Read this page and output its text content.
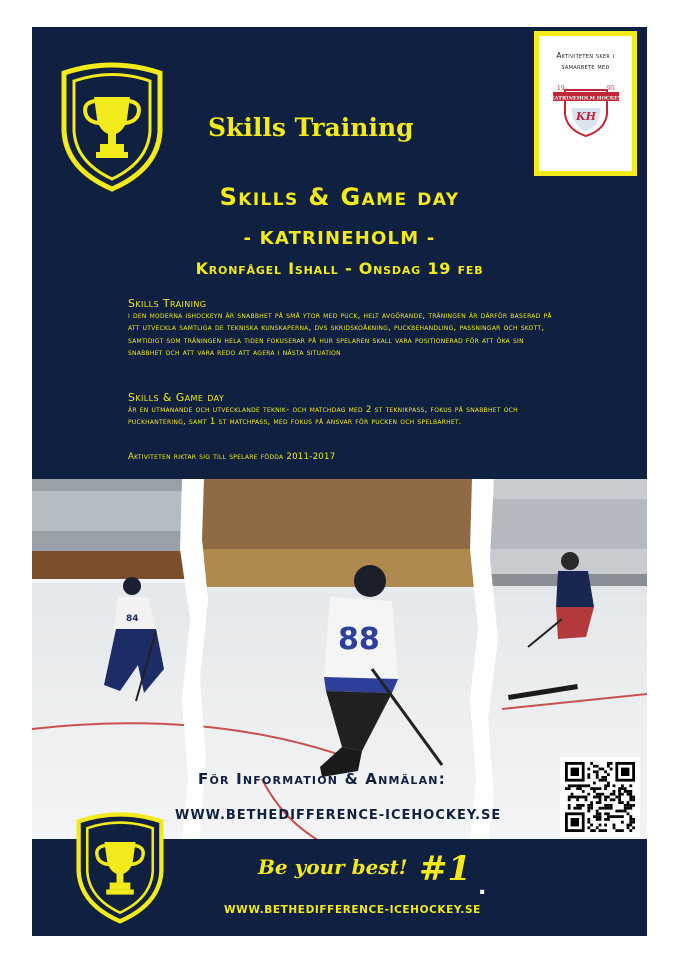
Aktiviteten sker i
samarbete med
KATRINEHOLM HOCKEY
19	95
KH
Skills Training
Skills & Game day
- KATRINEHOLM -
Kronfågel Ishall - Onsdag 19 feb
Skills Training
i den moderna ishockeyn är snabbhet på små ytor med puck, helt avgörande, träningen är därför baserad på att utveckla samtliga de tekniska kunskaperna, dvs skridskoåkning, puckbehandling, passningar och skott, samtidigt som träningen hela tiden fokuserar på hur spelaren skall vara positionerad för att öka sin snabbhet och att vara redo att agera i nästa situation
Skills & Game day
är en utmanande och utvecklande teknik- och matchdag med 2 st teknikpass, fokus på snabbhet och puckhantering, samt 1 st matchpass, med fokus på ansvar för pucken och spelbarhet.
Aktiviteten riktar sig till spelare födda 2011-2017
84
88
För Information & Anmälan:
WWW.BETHEDIFFERENCE-ICEHOCKEY.SE
Be your best! #1 .
WWW.BETHEDIFFERENCE-ICEHOCKEY.SE
